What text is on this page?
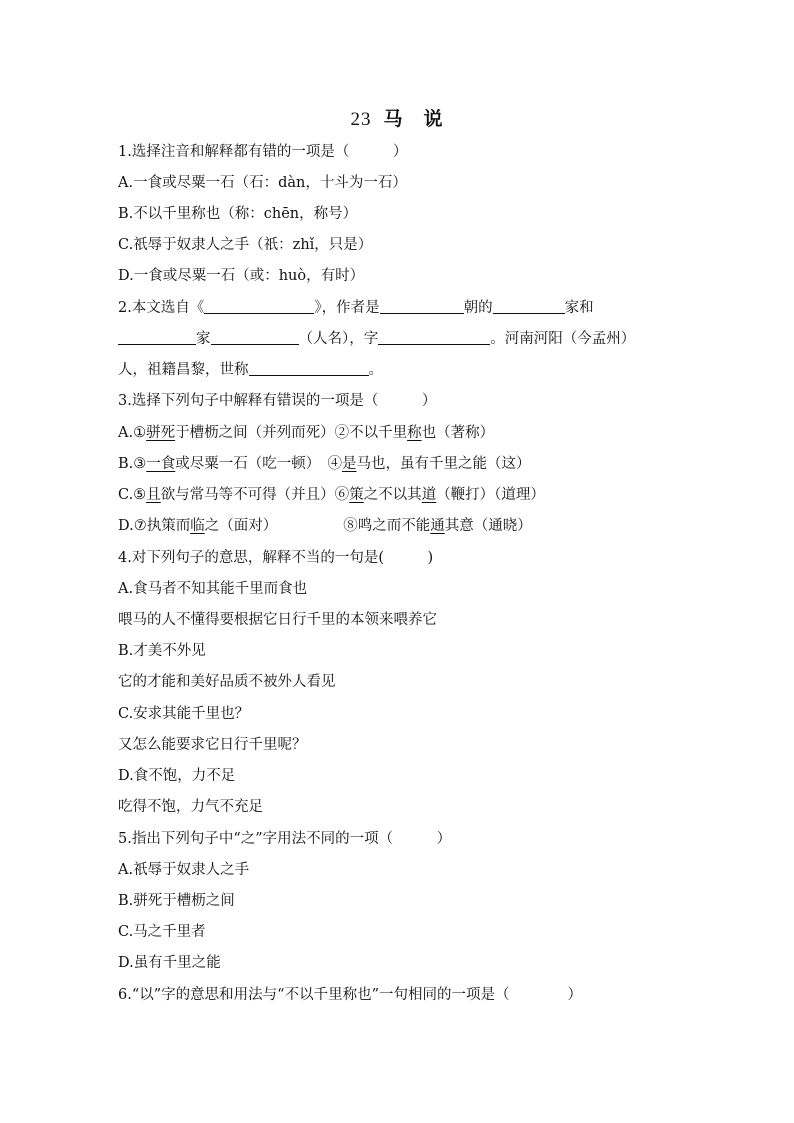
23 马　说
1.选择注音和解释都有错的一项是（　　　）
A.一食或尽粟一石（石：dàn，十斗为一石）
B.不以千里称也（称：chēn，称号）
C.祇辱于奴隶人之手（祇：zhǐ，只是）
D.一食或尽粟一石（或：huò，有时）
2.本文选自《	》，作者是	朝的	家和
家	（人名），字	。河南河阳（今孟州）
人，祖籍昌黎，世称	。
3.选择下列句子中解释有错误的一项是（　　　）
A.①骈死于槽枥之间（并列而死）②不以千里称也（著称）
B.③一食或尽粟一石（吃一顿）　④是马也，虽有千里之能（这）
C.⑤且欲与常马等不可得（并且）⑥策之不以其道（鞭打）（道理）
D.⑦执策而临之（面对）	⑧鸣之而不能通其意（通晓）
4.对下列句子的意思，解释不当的一句是(　　　)
A.食马者不知其能千里而食也
喂马的人不懂得要根据它日行千里的本领来喂养它
B.才美不外见
它的才能和美好品质不被外人看见
C.安求其能千里也？
又怎么能要求它日行千里呢？
D.食不饱，力不足
吃得不饱，力气不充足
5.指出下列句子中“之”字用法不同的一项（　　　）
A.祇辱于奴隶人之手
B.骈死于槽枥之间
C.马之千里者
D.虽有千里之能
6.“以”字的意思和用法与“不以千里称也”一句相同的一项是（　　　　）
